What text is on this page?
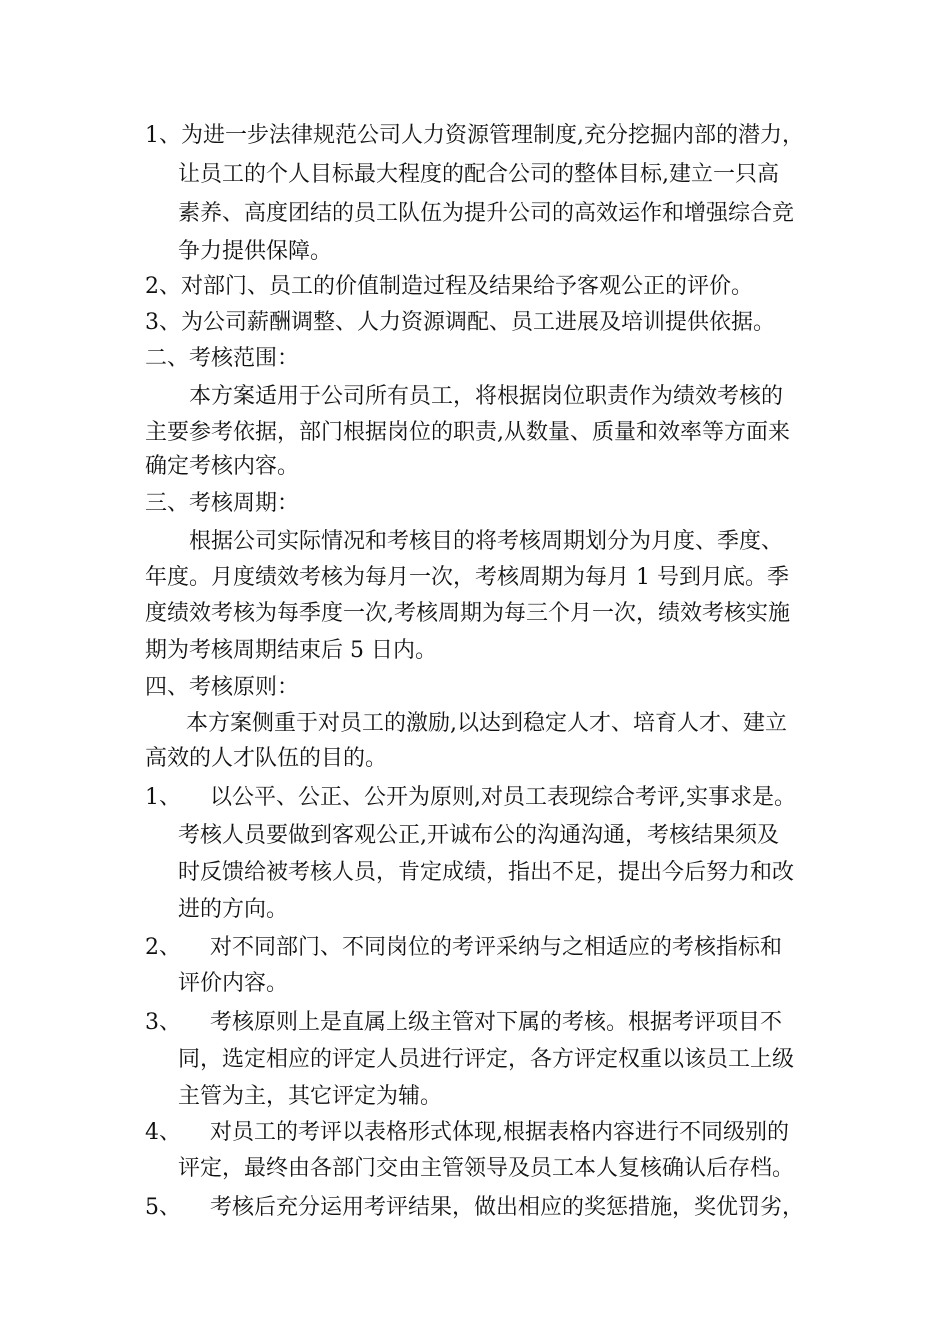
1、为进一步法律规范公司人力资源管理制度,充分挖掘内部的潜力，
让员工的个人目标最大程度的配合公司的整体目标,建立一只高
素养、高度团结的员工队伍为提升公司的高效运作和增强综合竞
争力提供保障。
2、对部门、员工的价值制造过程及结果给予客观公正的评价。
3、为公司薪酬调整、人力资源调配、员工进展及培训提供依据。
二、考核范围：
本方案适用于公司所有员工，将根据岗位职责作为绩效考核的
主要参考依据，部门根据岗位的职责,从数量、质量和效率等方面来
确定考核内容。
三、考核周期：
根据公司实际情况和考核目的将考核周期划分为月度、季度、
年度。月度绩效考核为每月一次，考核周期为每月 1 号到月底。季
度绩效考核为每季度一次,考核周期为每三个月一次，绩效考核实施
期为考核周期结束后 5 日内。
四、考核原则：
本方案侧重于对员工的激励,以达到稳定人才、培育人才、建立
高效的人才队伍的目的。
1、 以公平、公正、公开为原则,对员工表现综合考评,实事求是。
考核人员要做到客观公正,开诚布公的沟通沟通，考核结果须及
时反馈给被考核人员，肯定成绩，指出不足，提出今后努力和改
进的方向。
2、 对不同部门、不同岗位的考评采纳与之相适应的考核指标和
评价内容。
3、 考核原则上是直属上级主管对下属的考核。根据考评项目不
同，选定相应的评定人员进行评定，各方评定权重以该员工上级
主管为主，其它评定为辅。
4、 对员工的考评以表格形式体现,根据表格内容进行不同级别的
评定，最终由各部门交由主管领导及员工本人复核确认后存档。
5、 考核后充分运用考评结果，做出相应的奖惩措施，奖优罚劣，
